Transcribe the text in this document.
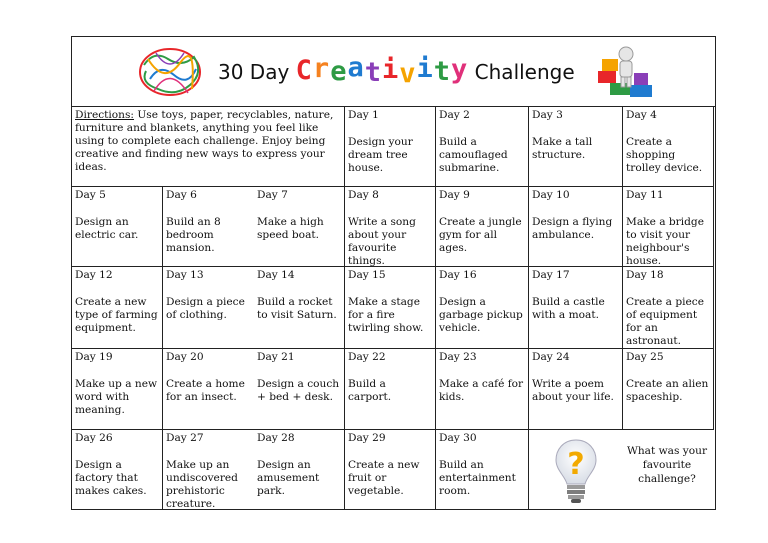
30 Day Creativity Challenge
Directions: Use toys, paper, recyclables, nature, furniture and blankets, anything you feel like using to complete each challenge. Enjoy being creative and finding new ways to express your ideas.
Day 1
Design your dream tree house.
Day 2
Build a camouflaged submarine.
Day 3
Make a tall structure.
Day 4
Create a shopping trolley device.
Day 5
Design an electric car.
Day 6
Build an 8 bedroom mansion.
Day 7
Make a high speed boat.
Day 8
Write a song about your favourite things.
Day 9
Create a jungle gym for all ages.
Day 10
Design a flying ambulance.
Day 11
Make a bridge to visit your neighbour's house.
Day 12
Create a new type of farming equipment.
Day 13
Design a piece of clothing.
Day 14
Build a rocket to visit Saturn.
Day 15
Make a stage for a fire twirling show.
Day 16
Design a garbage pickup vehicle.
Day 17
Build a castle with a moat.
Day 18
Create a piece of equipment for an astronaut.
Day 19
Make up a new word with meaning.
Day 20
Create a home for an insect.
Day 21
Design a couch + bed + desk.
Day 22
Build a carport.
Day 23
Make a café for kids.
Day 24
Write a poem about your life.
Day 25
Create an alien spaceship.
Day 26
Design a factory that makes cakes.
Day 27
Make up an undiscovered prehistoric creature.
Day 28
Design an amusement park.
Day 29
Create a new fruit or vegetable.
Day 30
Build an entertainment room.
?	What was your favourite challenge?
